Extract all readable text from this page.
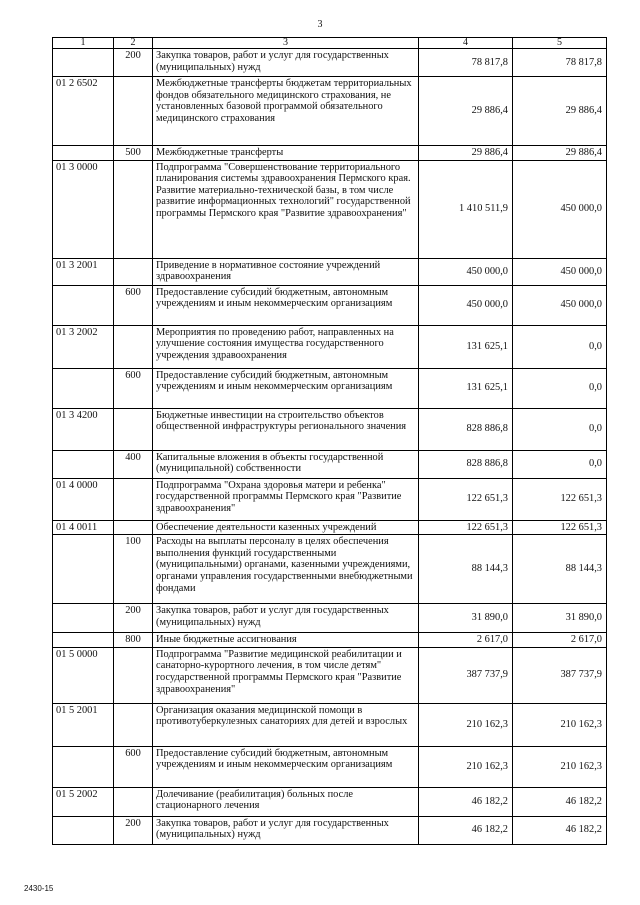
3
1	2	3	4	5
	200	Закупка товаров, работ и услуг для государственных (муниципальных) нужд	78 817,8	78 817,8
01 2 6502		Межбюджетные трансферты бюджетам территориальных фондов обязательного медицинского страхования, не установленных базовой программой обязательного медицинского страхования	29 886,4	29 886,4
	500	Межбюджетные трансферты	29 886,4	29 886,4
01 3 0000		Подпрограмма "Совершенствование территориального планирования системы здравоохранения Пермского края. Развитие материально-технической базы, в том числе развитие информационных технологий" государственной программы Пермского края "Развитие здравоохранения"	1 410 511,9	450 000,0
01 3 2001		Приведение в нормативное состояние учреждений здравоохранения	450 000,0	450 000,0
	600	Предоставление субсидий бюджетным, автономным учреждениям и иным некоммерческим организациям	450 000,0	450 000,0
01 3 2002		Мероприятия по проведению работ, направленных на улучшение состояния имущества государственного учреждения здравоохранения	131 625,1	0,0
	600	Предоставление субсидий бюджетным, автономным учреждениям и иным некоммерческим организациям	131 625,1	0,0
01 3 4200		Бюджетные инвестиции на строительство объектов общественной инфраструктуры регионального значения	828 886,8	0,0
	400	Капитальные вложения в объекты государственной (муниципальной) собственности	828 886,8	0,0
01 4 0000		Подпрограмма "Охрана здоровья матери и ребенка" государственной программы Пермского края "Развитие здравоохранения"	122 651,3	122 651,3
01 4 0011		Обеспечение деятельности казенных учреждений	122 651,3	122 651,3
	100	Расходы на выплаты персоналу в целях обеспечения выполнения функций государственными (муниципальными) органами, казенными учреждениями, органами управления государственными внебюджетными фондами	88 144,3	88 144,3
	200	Закупка товаров, работ и услуг для государственных (муниципальных) нужд	31 890,0	31 890,0
	800	Иные бюджетные ассигнования	2 617,0	2 617,0
01 5 0000		Подпрограмма "Развитие медицинской реабилитации и санаторно-курортного лечения, в том числе детям" государственной программы Пермского края "Развитие здравоохранения"	387 737,9	387 737,9
01 5 2001		Организация оказания медицинской помощи в противотуберкулезных санаториях для детей и взрослых	210 162,3	210 162,3
	600	Предоставление субсидий бюджетным, автономным учреждениям и иным некоммерческим организациям	210 162,3	210 162,3
01 5 2002		Долечивание (реабилитация) больных после стационарного лечения	46 182,2	46 182,2
	200	Закупка товаров, работ и услуг для государственных (муниципальных) нужд	46 182,2	46 182,2
2430-15
